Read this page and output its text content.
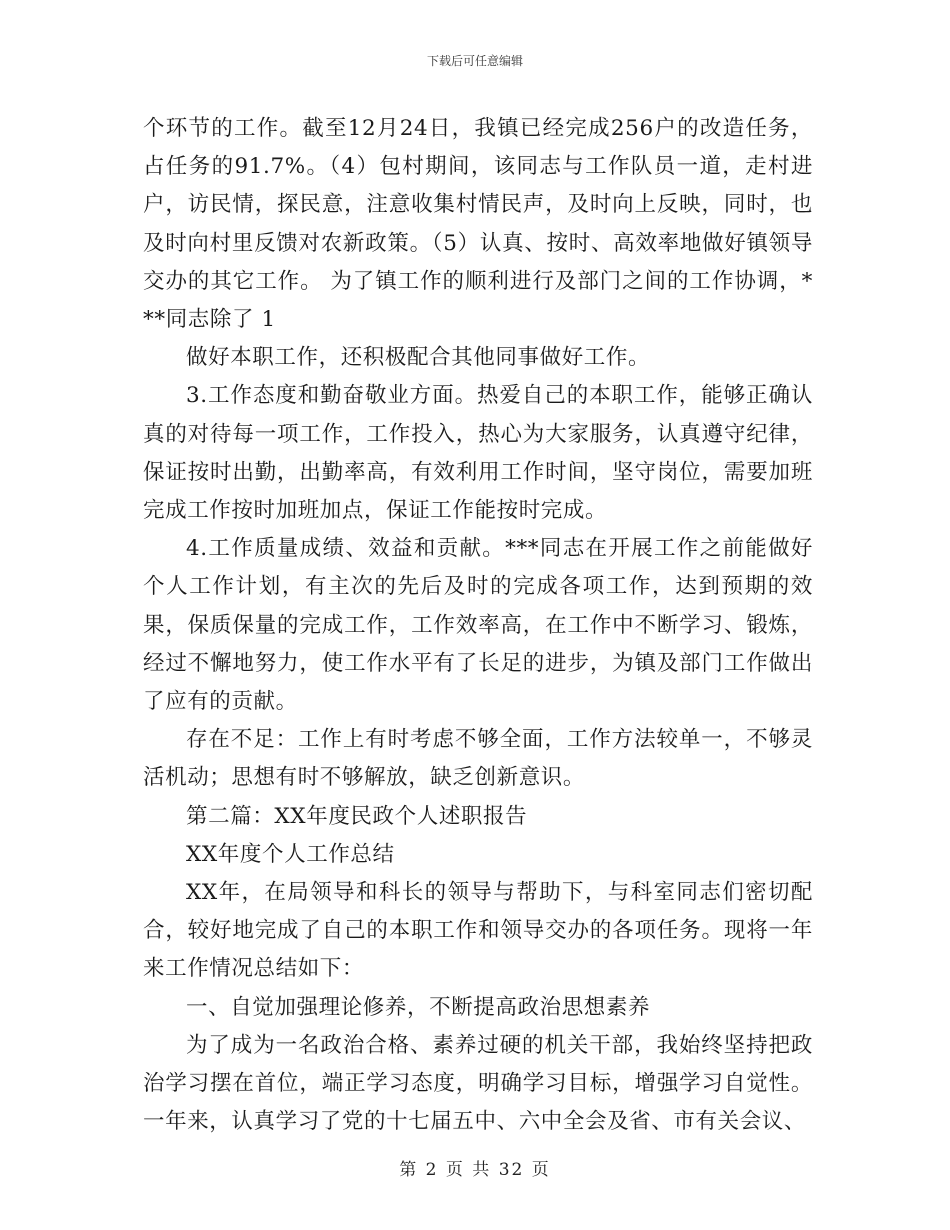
下载后可任意编辑

个环节的工作。截至12月24日，我镇已经完成256户的改造任务，占任务的91.7%。（4）包村期间，该同志与工作队员一道，走村进户，访民情，探民意，注意收集村情民声，及时向上反映，同时，也及时向村里反馈对农新政策。（5）认真、按时、高效率地做好镇领导交办的其它工作。 为了镇工作的顺利进行及部门之间的工作协调，***同志除了 1

做好本职工作，还积极配合其他同事做好工作。

3.工作态度和勤奋敬业方面。热爱自己的本职工作，能够正确认真的对待每一项工作，工作投入，热心为大家服务，认真遵守纪律，保证按时出勤，出勤率高，有效利用工作时间，坚守岗位，需要加班完成工作按时加班加点，保证工作能按时完成。

4.工作质量成绩、效益和贡献。***同志在开展工作之前能做好个人工作计划，有主次的先后及时的完成各项工作，达到预期的效果，保质保量的完成工作，工作效率高，在工作中不断学习、锻炼，经过不懈地努力，使工作水平有了长足的进步，为镇及部门工作做出了应有的贡献。

存在不足：工作上有时考虑不够全面，工作方法较单一，不够灵活机动；思想有时不够解放，缺乏创新意识。

第二篇：XX年度民政个人述职报告

XX年度个人工作总结

XX年，在局领导和科长的领导与帮助下，与科室同志们密切配合，较好地完成了自己的本职工作和领导交办的各项任务。现将一年来工作情况总结如下：

一、自觉加强理论修养，不断提高政治思想素养

为了成为一名政治合格、素养过硬的机关干部，我始终坚持把政治学习摆在首位，端正学习态度，明确学习目标，增强学习自觉性。一年来，认真学习了党的十七届五中、六中全会及省、市有关会议、

第 2 页 共 32 页
